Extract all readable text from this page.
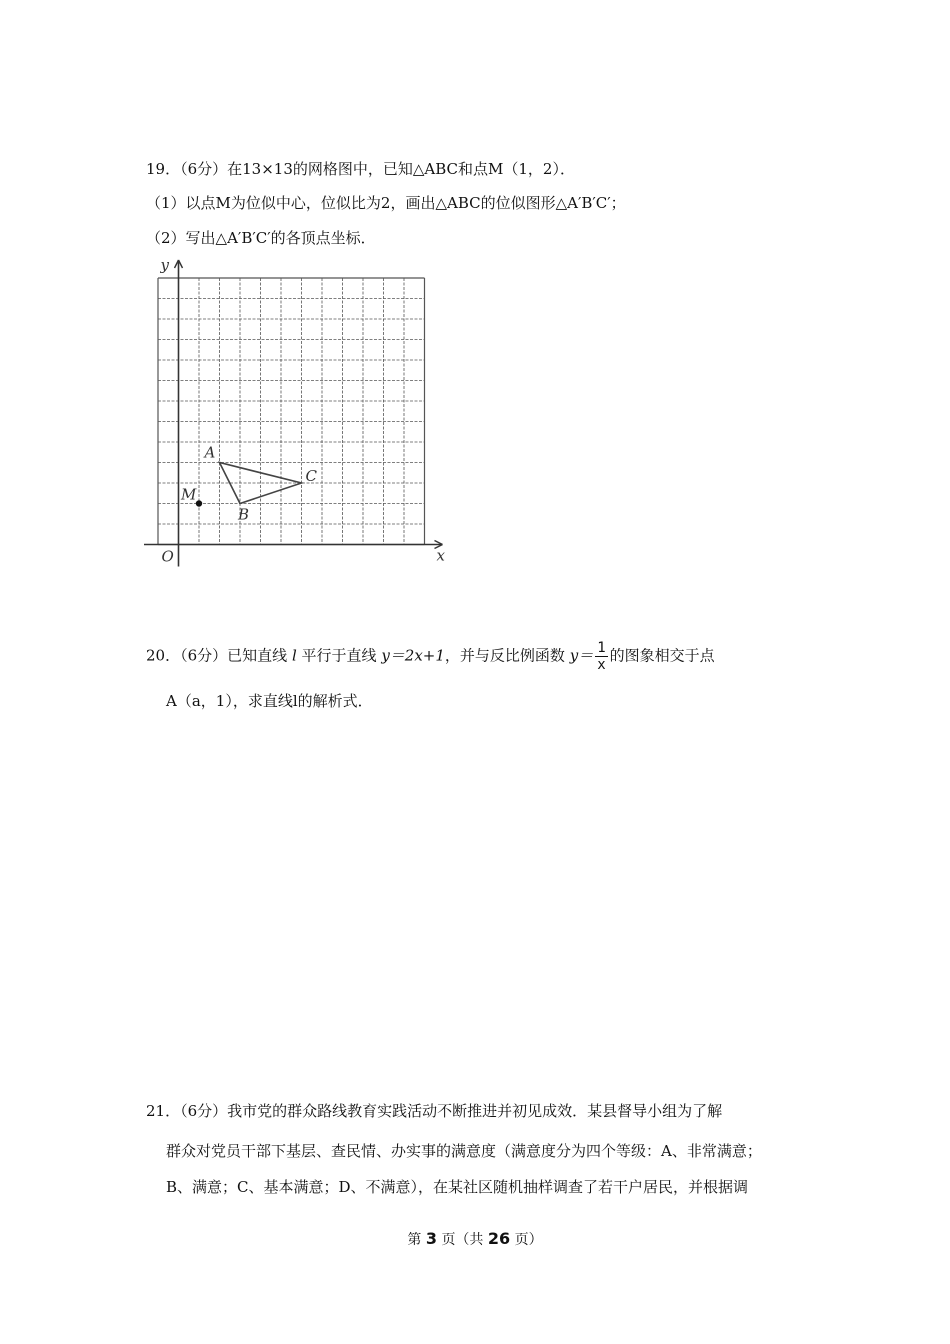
19．（6分）在13×13的网格图中，已知△ABC和点M（1，2）．
（1）以点M为位似中心，位似比为2，画出△ABC的位似图形△A′B′C′；
（2）写出△A′B′C′的各顶点坐标．
y
x
O
A
B
C
M
20．（6分）已知直线 l 平行于直线 y＝2x+1，并与反比例函数 $y= \frac{1}{x}$ 的图象相交于点
A（a，1），求直线l的解析式．
21．（6分）我市党的群众路线教育实践活动不断推进并初见成效．某县督导小组为了解
群众对党员干部下基层、查民情、办实事的满意度（满意度分为四个等级：A、非常满意；
B、满意；C、基本满意；D、不满意），在某社区随机抽样调查了若干户居民，并根据调
第 3 页（共 26 页）
